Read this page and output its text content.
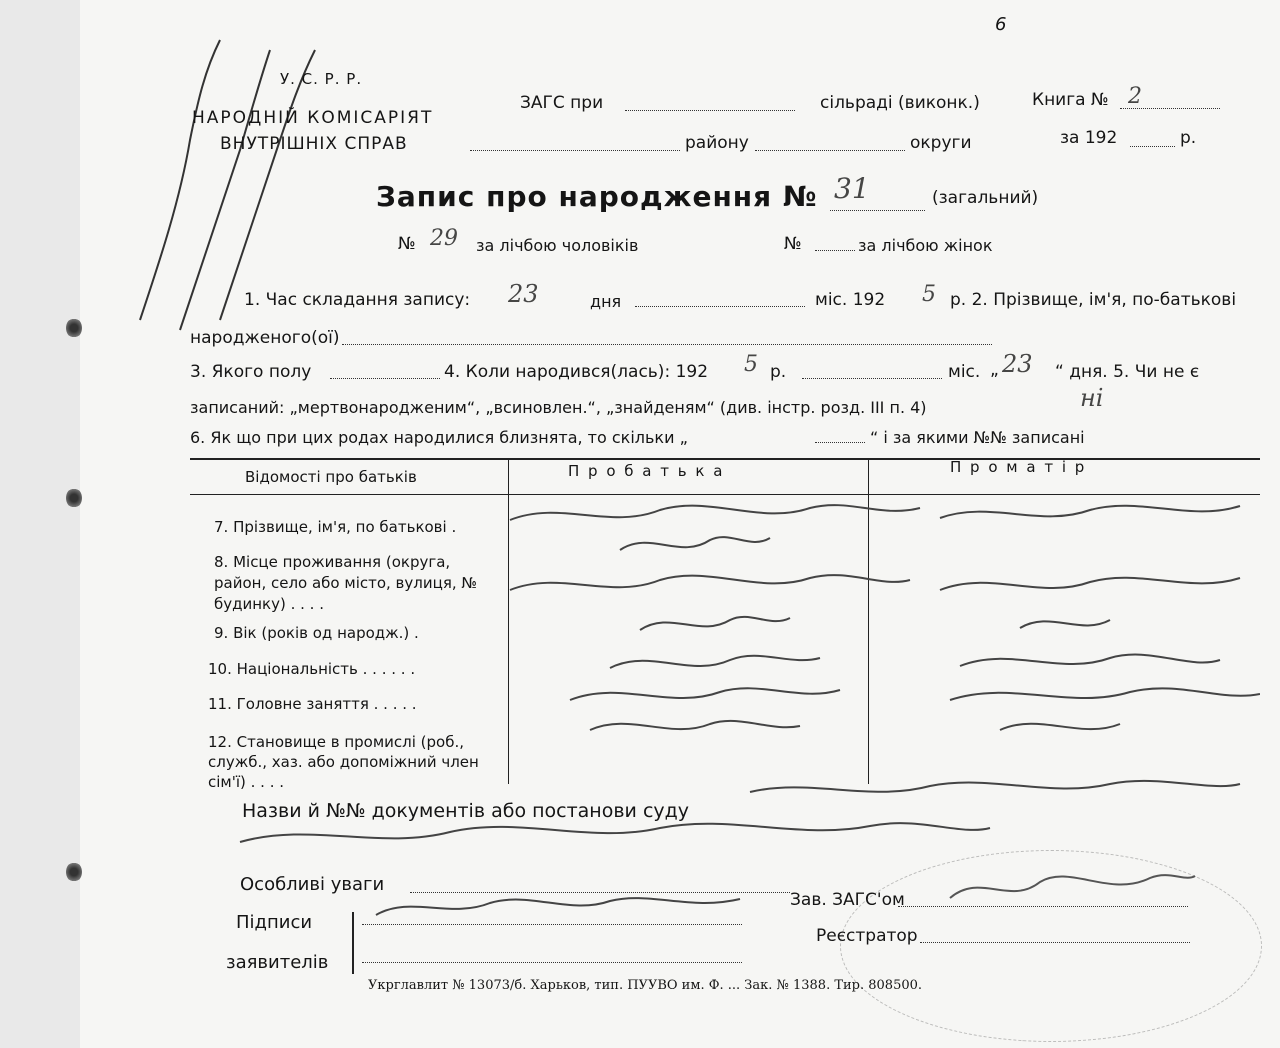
6
У. С. Р. Р.
НАРОДНІЙ КОМІСАРІЯТ
ВНУТРІШНІХ СПРАВ
ЗАГС при	сільраді (виконк.)	Книга № 2
району	округи	за 192	р.
Запис про народження № 31	(загальний)
№ 29 за лічбою чоловіків	№	за лічбою жінок
1. Час складання запису: 23	дня	міс. 192 5 р. 2. Прізвище, ім'я, по-батькові
народженого(ої)
3. Якого полу	4. Коли народився(лась): 192 5 р.	міс. „ 23 “ дня. 5. Чи не є
записаний: „мертвонародженим“, „всиновлен.“, „знайденям“ (див. інстр. розд. III п. 4)	ні
6. Як що при цих родах народилися близнята, то скільки „	“ і за якими №№ записані
Відомості про батьків	П р о б а т ь к а	П р о м а т і р
7. Прізвище, ім'я, по батькові .
8. Місце проживання (округа, район, село або місто, вулиця, № будинку) . . . .
9. Вік (років од народж.) .
10. Національність . . . . . .
11. Головне заняття . . . . .
12. Становище в промислі (роб., служб., хаз. або допоміжний член сім'ї) . . . .
Назви й №№ документів або постанови суду
Особливі уваги
Підписи
заявителів
Зав. ЗАГС'ом
Реєстратор
Укрглавлит № 13073/б. Харьков, тип. ПУУВО им. Ф. ... Зак. № 1388. Тир. 808500.
